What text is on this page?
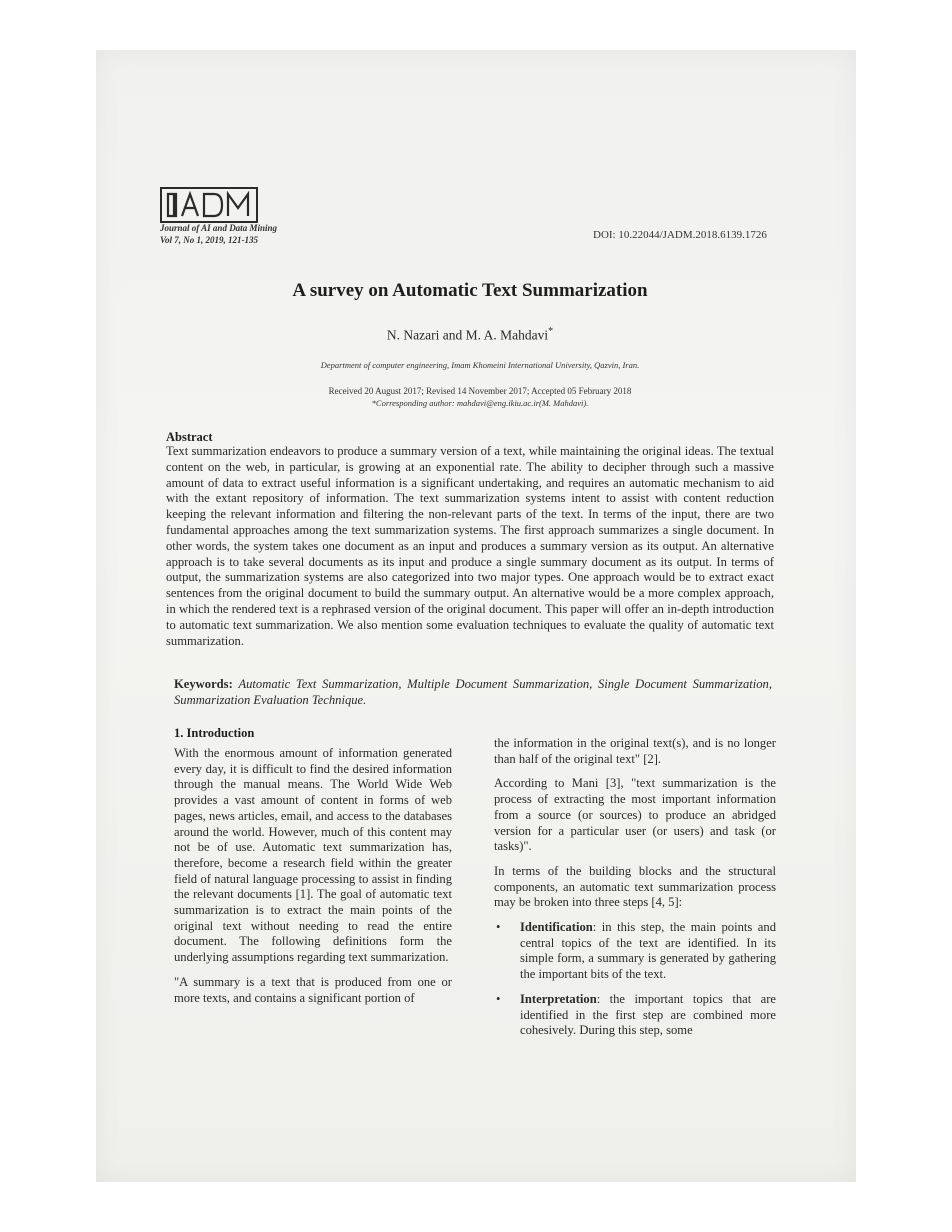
Journal of AI and Data Mining
Vol 7, No 1, 2019, 121-135	DOI: 10.22044/JADM.2018.6139.1726
A survey on Automatic Text Summarization
N. Nazari and M. A. Mahdavi*
Department of computer engineering, Imam Khomeini International University, Qazvin, Iran.
Received 20 August 2017; Revised 14 November 2017; Accepted 05 February 2018
*Corresponding author: mahdavi@eng.ikiu.ac.ir(M. Mahdavi).
Abstract
Text summarization endeavors to produce a summary version of a text, while maintaining the original ideas. The textual content on the web, in particular, is growing at an exponential rate. The ability to decipher through such a massive amount of data to extract useful information is a significant undertaking, and requires an automatic mechanism to aid with the extant repository of information. The text summarization systems intent to assist with content reduction keeping the relevant information and filtering the non-relevant parts of the text. In terms of the input, there are two fundamental approaches among the text summarization systems. The first approach summarizes a single document. In other words, the system takes one document as an input and produces a summary version as its output. An alternative approach is to take several documents as its input and produce a single summary document as its output. In terms of output, the summarization systems are also categorized into two major types. One approach would be to extract exact sentences from the original document to build the summary output. An alternative would be a more complex approach, in which the rendered text is a rephrased version of the original document. This paper will offer an in-depth introduction to automatic text summarization. We also mention some evaluation techniques to evaluate the quality of automatic text summarization.
Keywords: Automatic Text Summarization, Multiple Document Summarization, Single Document Summarization, Summarization Evaluation Technique.
1. Introduction

With the enormous amount of information generated every day, it is difficult to find the desired information through the manual means. The World Wide Web provides a vast amount of content in forms of web pages, news articles, email, and access to the databases around the world. However, much of this content may not be of use. Automatic text summarization has, therefore, become a research field within the greater field of natural language processing to assist in finding the relevant documents [1]. The goal of automatic text summarization is to extract the main points of the original text without needing to read the entire document. The following definitions form the underlying assumptions regarding text summarization.

"A summary is a text that is produced from one or more texts, and contains a significant portion of

the information in the original text(s), and is no longer than half of the original text" [2].

According to Mani [3], "text summarization is the process of extracting the most important information from a source (or sources) to produce an abridged version for a particular user (or users) and task (or tasks)".

In terms of the building blocks and the structural components, an automatic text summarization process may be broken into three steps [4, 5]:

• Identification: in this step, the main points and central topics of the text are identified. In its simple form, a summary is generated by gathering the important bits of the text.
• Interpretation: the important topics that are identified in the first step are combined more cohesively. During this step, some
